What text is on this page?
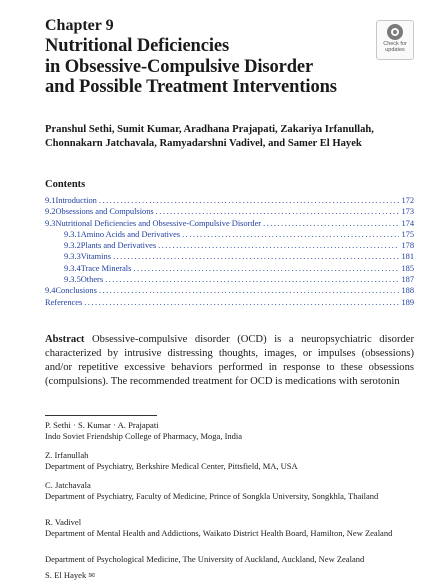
Chapter 9
Nutritional Deficiencies
in Obsessive-Compulsive Disorder
and Possible Treatment Interventions
Check for
updates
Pranshul Sethi, Sumit Kumar, Aradhana Prajapati, Zakariya Irfanullah, Chonnakarn Jatchavala, Ramyadarshni Vadivel, and Samer El Hayek
Contents
9.1 Introduction .....	172
9.2 Obsessions and Compulsions .....	173
9.3 Nutritional Deficiencies and Obsessive-Compulsive Disorder .....	174
9.3.1 Amino Acids and Derivatives .....	175
9.3.2 Plants and Derivatives .....	178
9.3.3 Vitamins .....	181
9.3.4 Trace Minerals .....	185
9.3.5 Others .....	187
9.4 Conclusions .....	188
References .....	189
Abstract Obsessive-compulsive disorder (OCD) is a neuropsychiatric disorder characterized by intrusive distressing thoughts, images, or impulses (obsessions) and/or repetitive excessive behaviors performed in response to these obsessions (compulsions). The recommended treatment for OCD is medications with serotonin
P. Sethi · S. Kumar · A. Prajapati
Indo Soviet Friendship College of Pharmacy, Moga, India
Z. Irfanullah
Department of Psychiatry, Berkshire Medical Center, Pittsfield, MA, USA
C. Jatchavala
Department of Psychiatry, Faculty of Medicine, Prince of Songkla University, Songkhla, Thailand
R. Vadivel
Department of Mental Health and Addictions, Waikato District Health Board, Hamilton, New Zealand
Department of Psychological Medicine, The University of Auckland, Auckland, New Zealand
S. El Hayek ✉
